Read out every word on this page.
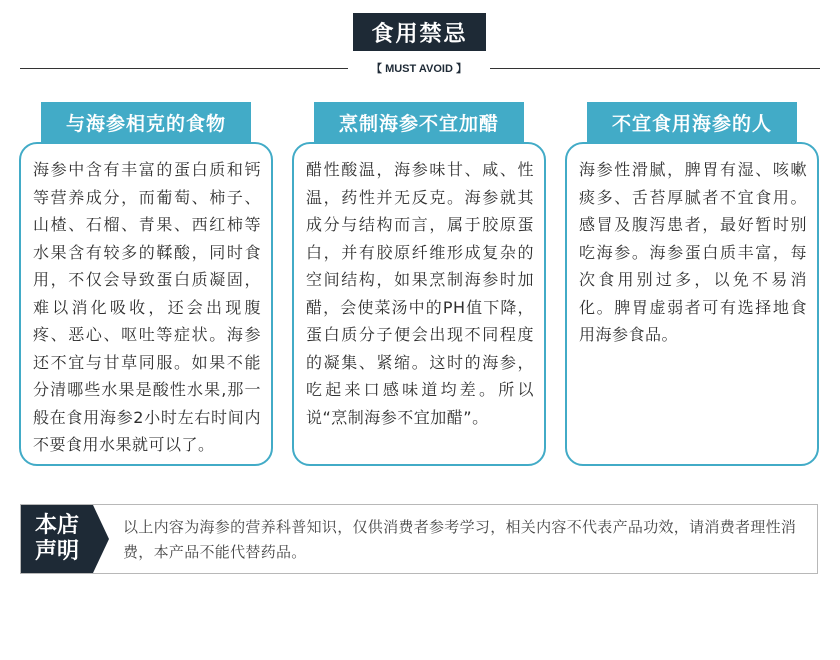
食用禁忌
【 MUST AVOID 】
海参中含有丰富的蛋白质和钙等营养成分，而葡萄、柿子、山楂、石榴、青果、西红柿等水果含有较多的鞣酸，同时食用，不仅会导致蛋白质凝固，难以消化吸收，还会出现腹疼、恶心、呕吐等症状。海参还不宜与甘草同服。如果不能分清哪些水果是酸性水果,那一般在食用海参2小时左右时间内不要食用水果就可以了。
与海参相克的食物
醋性酸温，海参味甘、咸、性温，药性并无反克。海参就其成分与结构而言，属于胶原蛋白，并有胶原纤维形成复杂的空间结构，如果烹制海参时加醋，会使菜汤中的PH值下降，蛋白质分子便会出现不同程度的凝集、紧缩。这时的海参，吃起来口感味道均差。所以说“烹制海参不宜加醋”。
烹制海参不宜加醋
海参性滑腻，脾胃有湿、咳嗽痰多、舌苔厚腻者不宜食用。感冒及腹泻患者，最好暂时别吃海参。海参蛋白质丰富，每次食用别过多，以免不易消化。脾胃虚弱者可有选择地食用海参食品。
不宜食用海参的人
本店
声明
以上内容为海参的营养科普知识，仅供消费者参考学习，相关内容不代表产品功效，请消费者理性消费，本产品不能代替药品。
